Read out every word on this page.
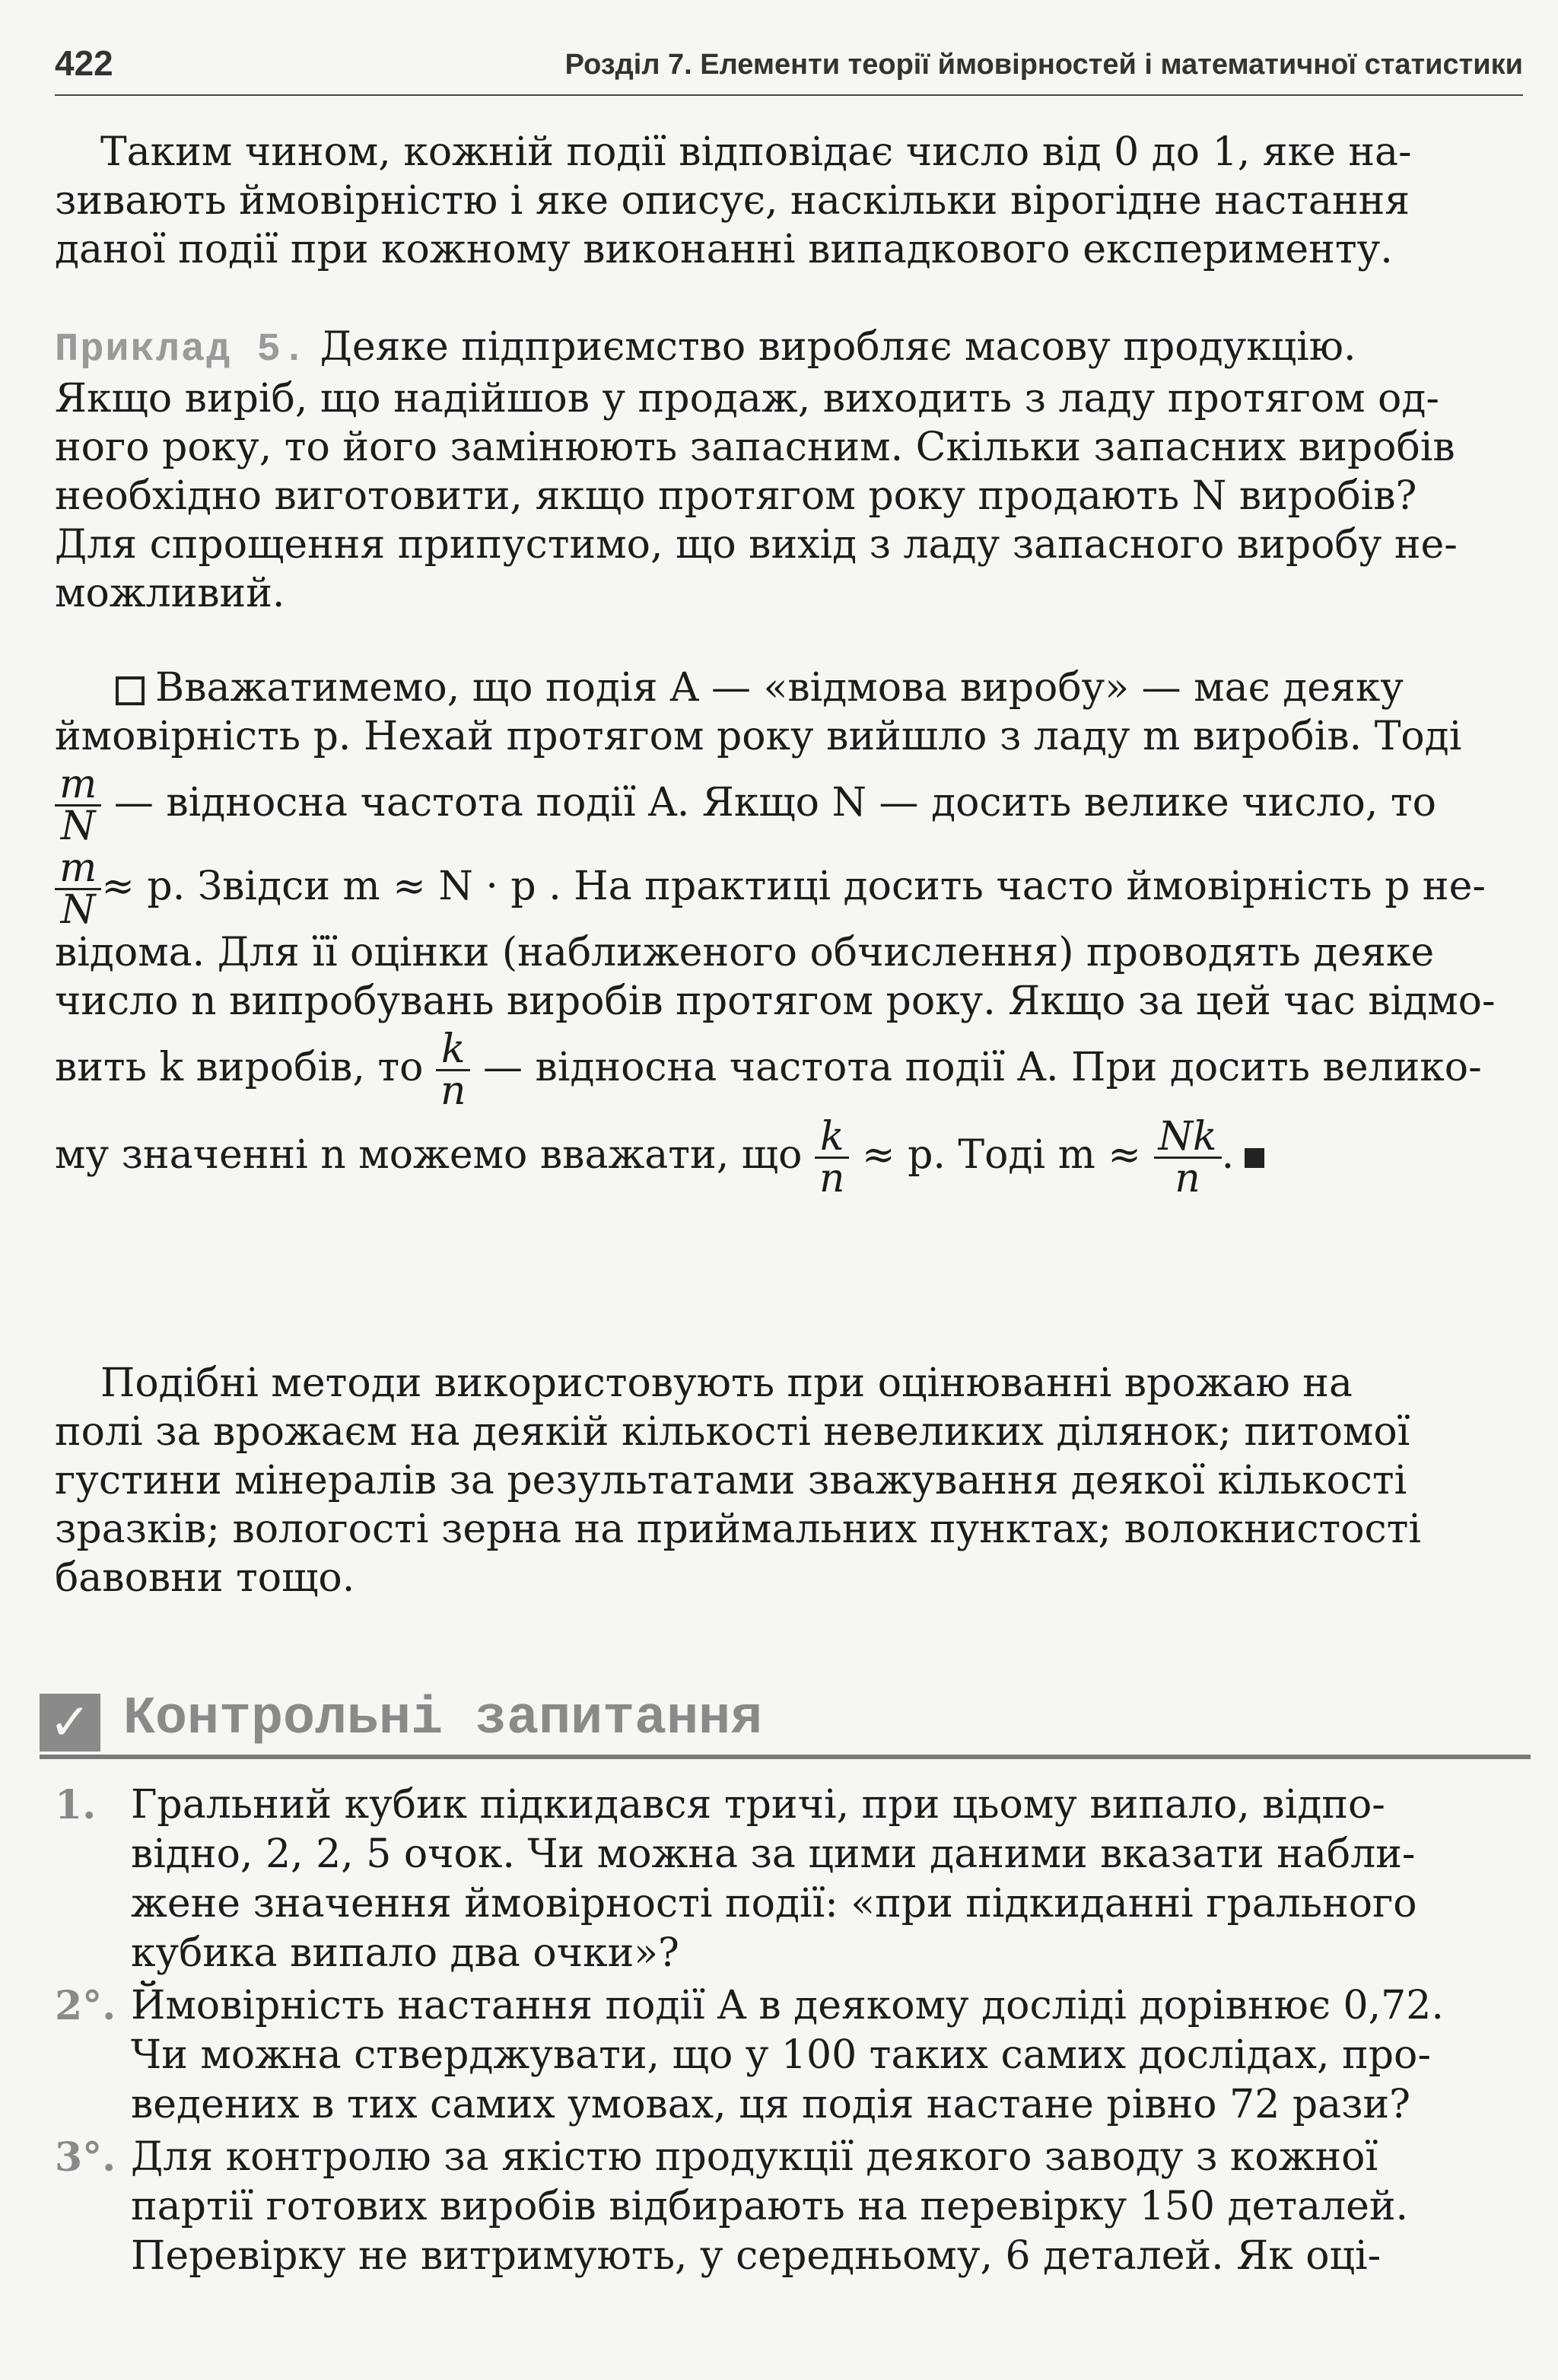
422	Розділ 7. Елементи теорії ймовірностей і математичної статистики
Таким чином, кожній події відповідає число від 0 до 1, яке на-
зивають ймовірністю і яке описує, наскільки вірогідне настання
даної події при кожному виконанні випадкового експерименту.
Приклад 5. Деяке підприємство виробляє масову продукцію.
Якщо виріб, що надійшов у продаж, виходить з ладу протягом од-
ного року, то його замінюють запасним. Скільки запасних виробів
необхідно виготовити, якщо протягом року продають N виробів?
Для спрощення припустимо, що вихід з ладу запасного виробу не-
можливий.
Вважатимемо, що подія A — «відмова виробу» — має деяку
ймовірність p. Нехай протягом року вийшло з ладу m виробів. Тоді
$\frac{m}{N}$ — відносна частота події A. Якщо N — досить велике число, то
$\frac{m}{N} \approx p$. Звідси m ≈ N · p . На практиці досить часто ймовірність p не-
відома. Для її оцінки (наближеного обчислення) проводять деяке
число n випробувань виробів протягом року. Якщо за цей час відмо-
вить k виробів, то $\frac{k}{n}$ — відносна частота події A. При досить велико-
му значенні n можемо вважати, що $\frac{k}{n} \approx p$. Тоді $m \approx \frac{Nk}{n}$ .
Подібні методи використовують при оцінюванні врожаю на
полі за врожаєм на деякій кількості невеликих ділянок; питомої
густини мінералів за результатами зважування деякої кількості
зразків; вологості зерна на приймальних пунктах; волокнистості
бавовни тощо.
✓ Контрольні запитання
1. Гральний кубик підкидався тричі, при цьому випало, відпо-
відно, 2, 2, 5 очок. Чи можна за цими даними вказати набли-
жене значення ймовірності події: «при підкиданні грального
кубика випало два очки»?
2°. Ймовірність настання події A в деякому досліді дорівнює 0,72.
Чи можна стверджувати, що у 100 таких самих дослідах, про-
ведених в тих самих умовах, ця подія настане рівно 72 рази?
3°. Для контролю за якістю продукції деякого заводу з кожної
партії готових виробів відбирають на перевірку 150 деталей.
Перевірку не витримують, у середньому, 6 деталей. Як оці-
